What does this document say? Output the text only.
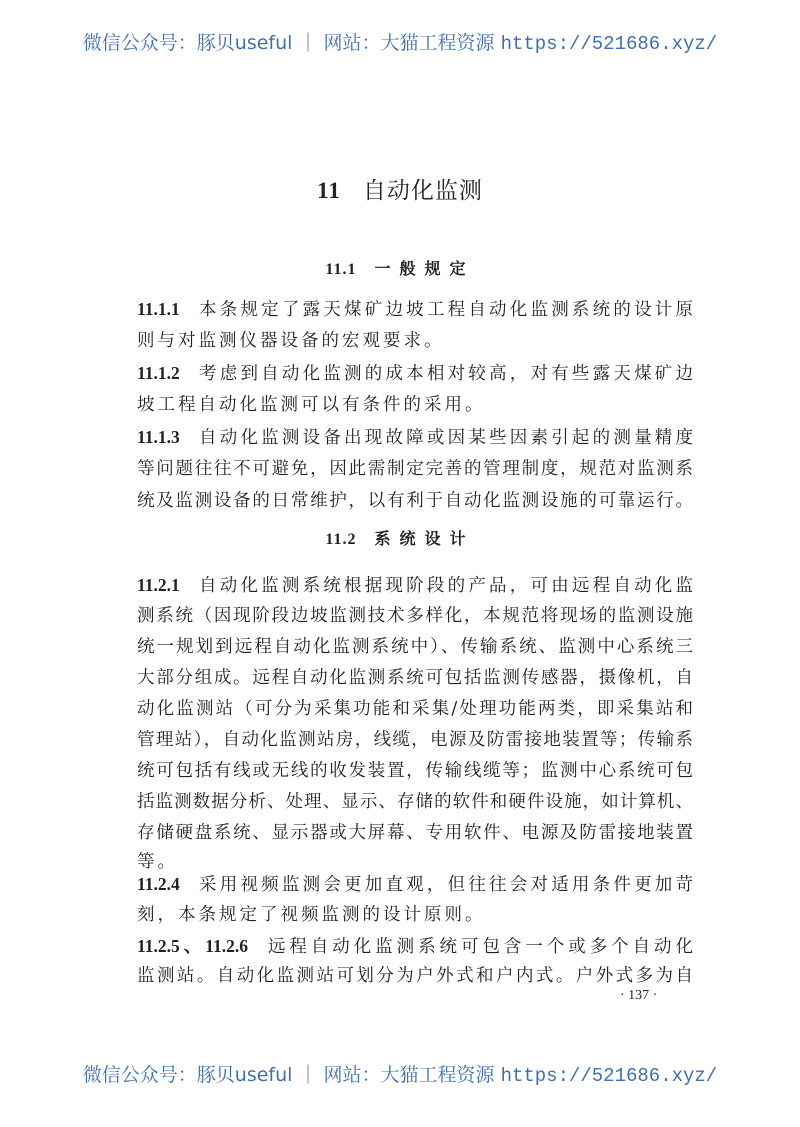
微信公众号：豚贝useful ｜ 网站：大猫工程资源 https://521686.xyz/
11 自动化监测
11.1 一般规定
11.2 系统设计
11.1.1 本条规定了露天煤矿边坡工程自动化监测系统的设计原
则与对监测仪器设备的宏观要求。
11.1.2 考虑到自动化监测的成本相对较高，对有些露天煤矿边
坡工程自动化监测可以有条件的采用。
11.1.3 自动化监测设备出现故障或因某些因素引起的测量精度
等问题往往不可避免，因此需制定完善的管理制度，规范对监测系
统及监测设备的日常维护，以有利于自动化监测设施的可靠运行。
11.2.1 自动化监测系统根据现阶段的产品，可由远程自动化监
测系统（因现阶段边坡监测技术多样化，本规范将现场的监测设施
统一规划到远程自动化监测系统中）、传输系统、监测中心系统三
大部分组成。远程自动化监测系统可包括监测传感器，摄像机，自
动化监测站（可分为采集功能和采集/处理功能两类，即采集站和
管理站），自动化监测站房，线缆，电源及防雷接地装置等；传输系
统可包括有线或无线的收发装置，传输线缆等；监测中心系统可包
括监测数据分析、处理、显示、存储的软件和硬件设施，如计算机、
存储硬盘系统、显示器或大屏幕、专用软件、电源及防雷接地装置
等。
11.2.4 采用视频监测会更加直观，但往往会对适用条件更加苛
刻，本条规定了视频监测的设计原则。
11.2.5、11.2.6 远程自动化监测系统可包含一个或多个自动化
监测站。自动化监测站可划分为户外式和户内式。户外式多为自
· 137 ·
微信公众号：豚贝useful ｜ 网站：大猫工程资源 https://521686.xyz/
